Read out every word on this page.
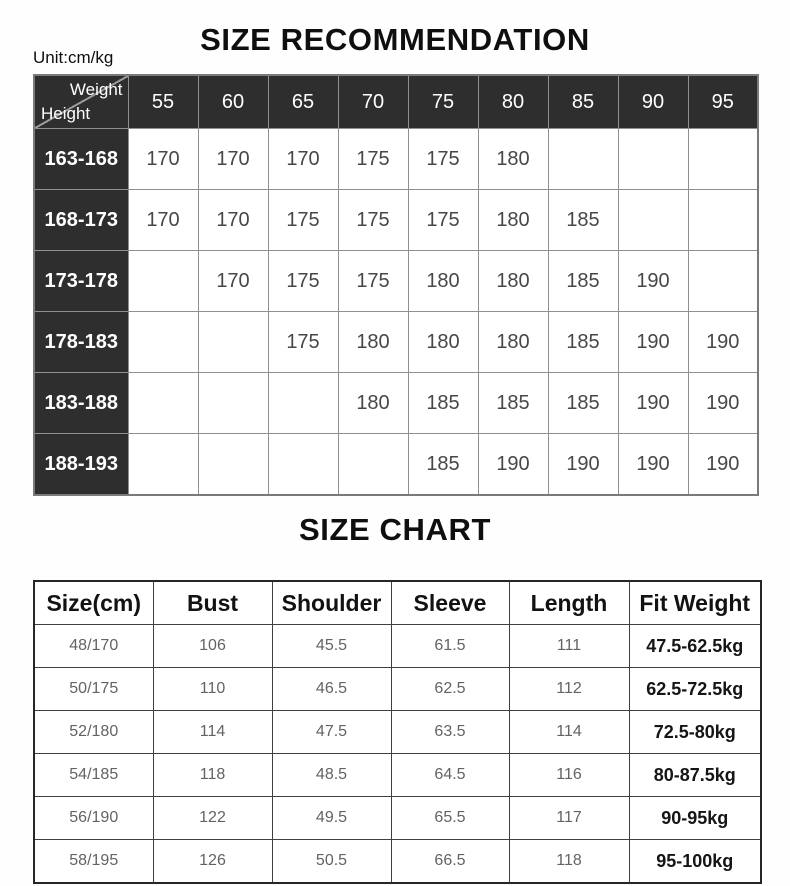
SIZE RECOMMENDATION
Unit:cm/kg
Weight
Height	55	60	65	70	75	80	85	90	95
163-168	170	170	170	175	175	180			
168-173	170	170	175	175	175	180	185		
173-178		170	175	175	180	180	185	190	
178-183			175	180	180	180	185	190	190
183-188				180	185	185	185	190	190
188-193					185	190	190	190	190
SIZE CHART
Size(cm)	Bust	Shoulder	Sleeve	Length	Fit Weight
48/170	106	45.5	61.5	111	47.5-62.5kg
50/175	110	46.5	62.5	112	62.5-72.5kg
52/180	114	47.5	63.5	114	72.5-80kg
54/185	118	48.5	64.5	116	80-87.5kg
56/190	122	49.5	65.5	117	90-95kg
58/195	126	50.5	66.5	118	95-100kg
